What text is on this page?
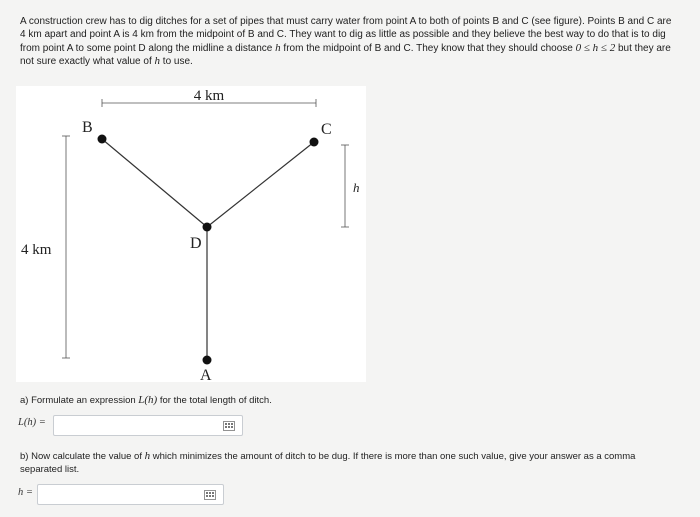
A construction crew has to dig ditches for a set of pipes that must carry water from point A to both of points B and C (see figure). Points B and C are 4 km apart and point A is 4 km from the midpoint of B and C. They want to dig as little as possible and they believe the best way to do that is to dig from point A to some point D along the midline a distance h from the midpoint of B and C. They know that they should choose 0 ≤ h ≤ 2 but they are not sure exactly what value of h to use.
4 km
4 km
h
B	C
D
A
a) Formulate an expression L(h) for the total length of ditch.
L(h) =
b) Now calculate the value of h which minimizes the amount of ditch to be dug. If there is more than one such value, give your answer as a comma separated list.
h =
